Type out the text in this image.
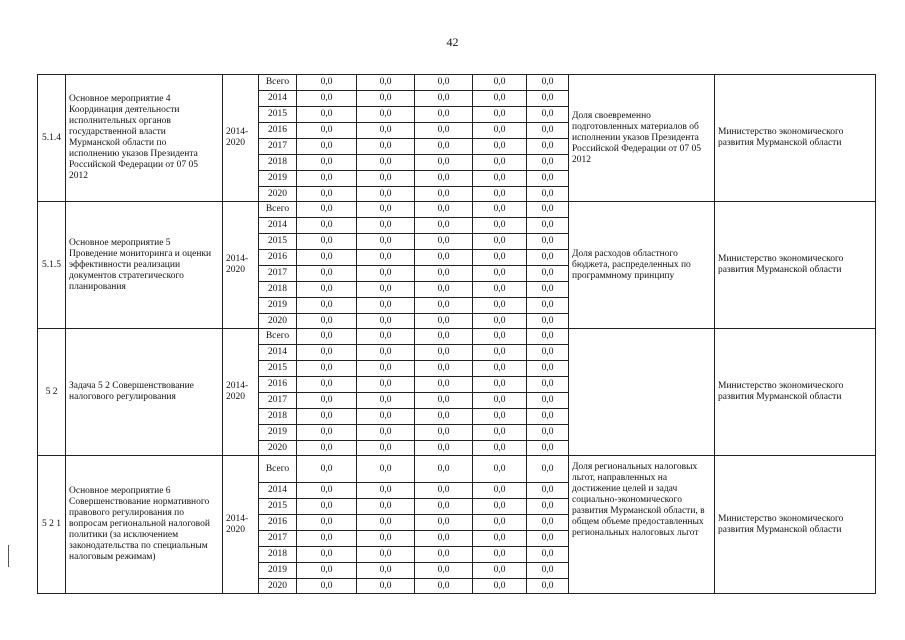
42
5.1.4	Основное мероприятие 4 Координация деятельности исполнительных органов государственной власти Мурманской области по исполнению указов Президента Российской Федерации от 07 05 2012	2014-2020	Всего	0,0	0,0	0,0	0,0	0,0	Доля своевременно подготовленных материалов об исполнении указов Президента Российской Федерации от 07 05 2012	Министерство экономического развития Мурманской области
			2014	0,0	0,0	0,0	0,0	0,0		
			2015	0,0	0,0	0,0	0,0	0,0		
			2016	0,0	0,0	0,0	0,0	0,0		
			2017	0,0	0,0	0,0	0,0	0,0		
			2018	0,0	0,0	0,0	0,0	0,0		
			2019	0,0	0,0	0,0	0,0	0,0		
			2020	0,0	0,0	0,0	0,0	0,0		
5.1.5	Основное мероприятие 5 Проведение мониторинга и оценки эффективности реализации документов стратегического планирования	2014-2020	Всего	0,0	0,0	0,0	0,0	0,0	Доля расходов областного бюджета, распределенных по программному принципу	Министерство экономического развития Мурманской области
			2014	0,0	0,0	0,0	0,0	0,0		
			2015	0,0	0,0	0,0	0,0	0,0		
			2016	0,0	0,0	0,0	0,0	0,0		
			2017	0,0	0,0	0,0	0,0	0,0		
			2018	0,0	0,0	0,0	0,0	0,0		
			2019	0,0	0,0	0,0	0,0	0,0		
			2020	0,0	0,0	0,0	0,0	0,0		
5 2	Задача 5 2 Совершенствование налогового регулирования	2014-2020	Всего	0,0	0,0	0,0	0,0	0,0		Министерство экономического развития Мурманской области
			2014	0,0	0,0	0,0	0,0	0,0		
			2015	0,0	0,0	0,0	0,0	0,0		
			2016	0,0	0,0	0,0	0,0	0,0		
			2017	0,0	0,0	0,0	0,0	0,0		
			2018	0,0	0,0	0,0	0,0	0,0		
			2019	0,0	0,0	0,0	0,0	0,0		
			2020	0,0	0,0	0,0	0,0	0,0		
5 2 1	Основное мероприятие 6 Совершенствование нормативного правового регулирования по вопросам региональной налоговой политики (за исключением законодательства по специальным налоговым режимам)	2014-2020	Всего	0,0	0,0	0,0	0,0	0,0	Доля региональных налоговых льгот, направленных на достижение целей и задач социально-экономического развития Мурманской области, в общем объеме предоставленных региональных налоговых льгот	Министерство экономического развития Мурманской области
			2014	0,0	0,0	0,0	0,0	0,0		
			2015	0,0	0,0	0,0	0,0	0,0		
			2016	0,0	0,0	0,0	0,0	0,0		
			2017	0,0	0,0	0,0	0,0	0,0		
			2018	0,0	0,0	0,0	0,0	0,0		
			2019	0,0	0,0	0,0	0,0	0,0		
			2020	0,0	0,0	0,0	0,0	0,0		
